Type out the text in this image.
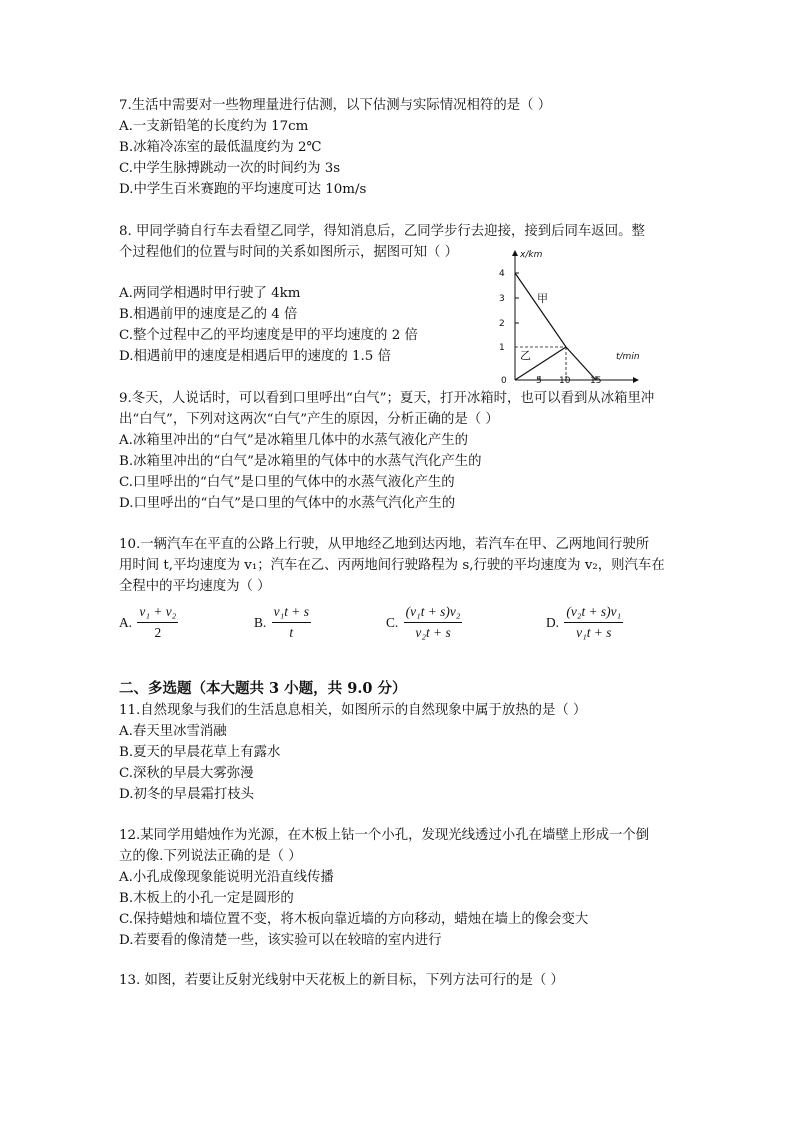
7.生活中需要对一些物理量进行估测，以下估测与实际情况相符的是（ ）
A.一支新铅笔的长度约为 17cm
B.冰箱冷冻室的最低温度约为 2℃
C.中学生脉搏跳动一次的时间约为 3s
D.中学生百米赛跑的平均速度可达 10m/s
8. 甲同学骑自行车去看望乙同学，得知消息后，乙同学步行去迎接，接到后同车返回。整
个过程他们的位置与时间的关系如图所示，据图可知（ ）
A.两同学相遇时甲行驶了 4km
B.相遇前甲的速度是乙的 4 倍
C.整个过程中乙的平均速度是甲的平均速度的 2 倍
D.相遇前甲的速度是相遇后甲的速度的 1.5 倍
x/km
t/min
4
3
2
1
0	5 10 15
甲
乙
9.冬天，人说话时，可以看到口里呼出“白气”；夏天，打开冰箱时，也可以看到从冰箱里冲
出“白气”，下列对这两次“白气”产生的原因，分析正确的是（ ）
A.冰箱里冲出的“白气”是冰箱里几体中的水蒸气液化产生的
B.冰箱里冲出的“白气”是冰箱里的气体中的水蒸气汽化产生的
C.口里呼出的“白气”是口里的气体中的水蒸气液化产生的
D.口里呼出的“白气”是口里的气体中的水蒸气汽化产生的
10.一辆汽车在平直的公路上行驶，从甲地经乙地到达丙地，若汽车在甲、乙两地间行驶所
用时间 t,平均速度为 v₁；汽车在乙、丙两地间行驶路程为 s,行驶的平均速度为 v₂，则汽车在
全程中的平均速度为（ ）
A. $\frac{\text{v₁ + v₂}}{2}$	B. $\frac{\text{v₁t + s}}{t}$	C. $\frac{\text{(v₁t + s)v₂}}{\text{v₂t + s}}$	D. $\frac{\text{(v₂t + s)v₁}}{\text{v₁t + s}}$
二、多选题（本大题共 3 小题，共 9.0 分）
11.自然现象与我们的生活息息相关，如图所示的自然现象中属于放热的是（ ）
A.春天里冰雪消融
B.夏天的早晨花草上有露水
C.深秋的早晨大雾弥漫
D.初冬的早晨霜打枝头
12.某同学用蜡烛作为光源，在木板上钻一个小孔，发现光线透过小孔在墙壁上形成一个倒
立的像.下列说法正确的是（ ）
A.小孔成像现象能说明光沿直线传播
B.木板上的小孔一定是圆形的
C.保持蜡烛和墙位置不变，将木板向靠近墙的方向移动，蜡烛在墙上的像会变大
D.若要看的像清楚一些，该实验可以在较暗的室内进行
13. 如图，若要让反射光线射中天花板上的新目标，下列方法可行的是（ ）
